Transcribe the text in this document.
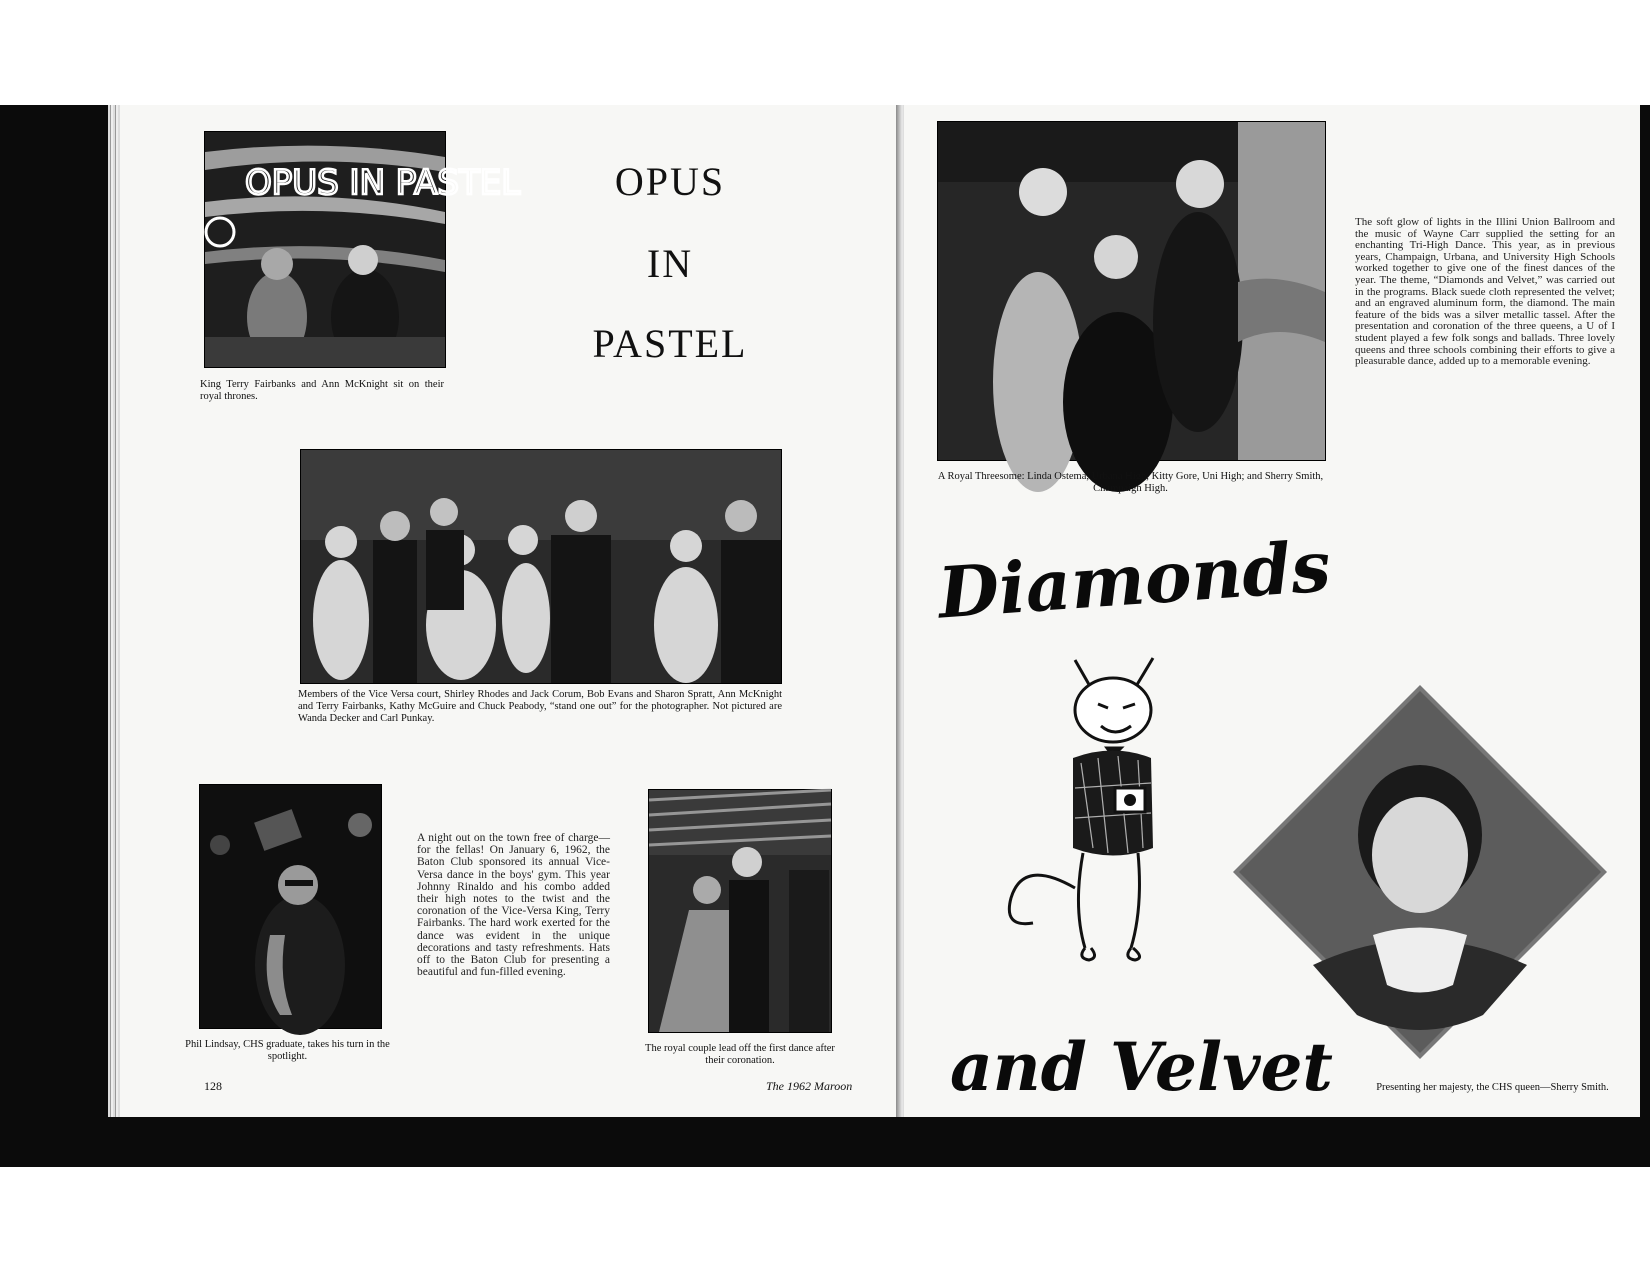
OPUS IN PASTEL
King Terry Fairbanks and Ann McKnight sit on their royal thrones.
OPUS
IN
PASTEL
Members of the Vice Versa court, Shirley Rhodes and Jack Corum, Bob Evans and Sharon Spratt, Ann McKnight and Terry Fairbanks, Kathy McGuire and Chuck Peabody, “stand one out” for the photographer. Not pictured are Wanda Decker and Carl Punkay.
Phil Lindsay, CHS graduate, takes his turn in the spotlight.
A night out on the town free of charge—for the fellas! On January 6, 1962, the Baton Club sponsored its annual Vice-Versa dance in the boys' gym. This year Johnny Rinaldo and his combo added their high notes to the twist and the coronation of the Vice-Versa King, Terry Fairbanks. The hard work exerted for the dance was evident in the unique decorations and tasty refreshments. Hats off to the Baton Club for presenting a beautiful and fun-filled evening.
The royal couple lead off the first dance after their coronation.
128	The 1962 Maroon
A Royal Threesome: Linda Ostema, Urbana High; Kitty Gore, Uni High; and Sherry Smith, Champaign High.
The soft glow of lights in the Illini Union Ballroom and the music of Wayne Carr supplied the setting for an enchanting Tri-High Dance. This year, as in previous years, Champaign, Urbana, and University High Schools worked together to give one of the finest dances of the year. The theme, “Diamonds and Velvet,” was carried out in the programs. Black suede cloth represented the velvet; and an engraved aluminum form, the diamond. The main feature of the bids was a silver metallic tassel. After the presentation and coronation of the three queens, a U of I student played a few folk songs and ballads. Three lovely queens and three schools combining their efforts to give a pleasurable dance, added up to a memorable evening.
Diamonds
and Velvet	Presenting her majesty, the CHS queen—Sherry Smith.
